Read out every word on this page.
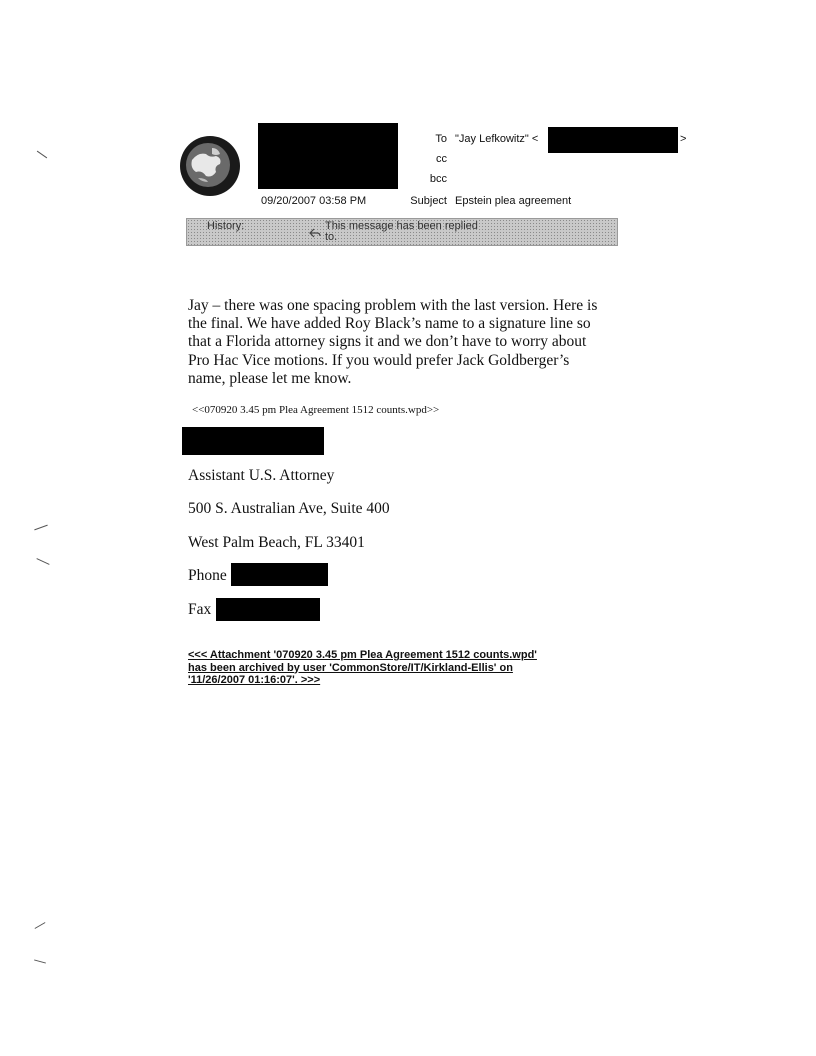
To "Jay Lefkowitz" <	>
cc
bcc
09/20/2007 03:58 PM	Subject Epstein plea agreement
History:	This message has been replied
to.
Jay – there was one spacing problem with the last version. Here is
the final. We have added Roy Black’s name to a signature line so
that a Florida attorney signs it and we don’t have to worry about
Pro Hac Vice motions. If you would prefer Jack Goldberger’s
name, please let me know.
<<070920 3.45 pm Plea Agreement 1512 counts.wpd>>
Assistant U.S. Attorney
500 S. Australian Ave, Suite 400
West Palm Beach, FL 33401
Phone
Fax
<<< Attachment '070920 3.45 pm Plea Agreement 1512 counts.wpd'
has been archived by user 'CommonStore/IT/Kirkland-Ellis' on
'11/26/2007 01:16:07'. >>>
